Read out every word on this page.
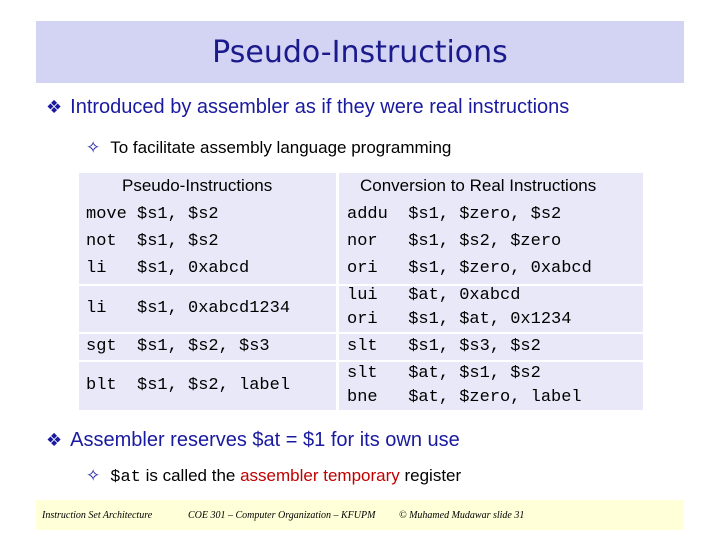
Pseudo-Instructions
❖ Introduced by assembler as if they were real instructions
✧ To facilitate assembly language programming
Pseudo-Instructions	Conversion to Real Instructions
move $s1, $s2
not  $s1, $s2
li   $s1, 0xabcd
li   $s1, 0xabcd1234
sgt  $s1, $s2, $s3
blt  $s1, $s2, label
addu  $s1, $zero, $s2
nor   $s1, $s2, $zero
ori   $s1, $zero, 0xabcd
lui   $at, 0xabcd
ori   $s1, $at, 0x1234
slt   $s1, $s3, $s2
slt   $at, $s1, $s2
bne   $at, $zero, label
❖ Assembler reserves $at = $1 for its own use
✧ $at is called the assembler temporary register
Instruction Set Architecture	COE 301 – Computer Organization – KFUPM © Muhamed Mudawar slide 31
